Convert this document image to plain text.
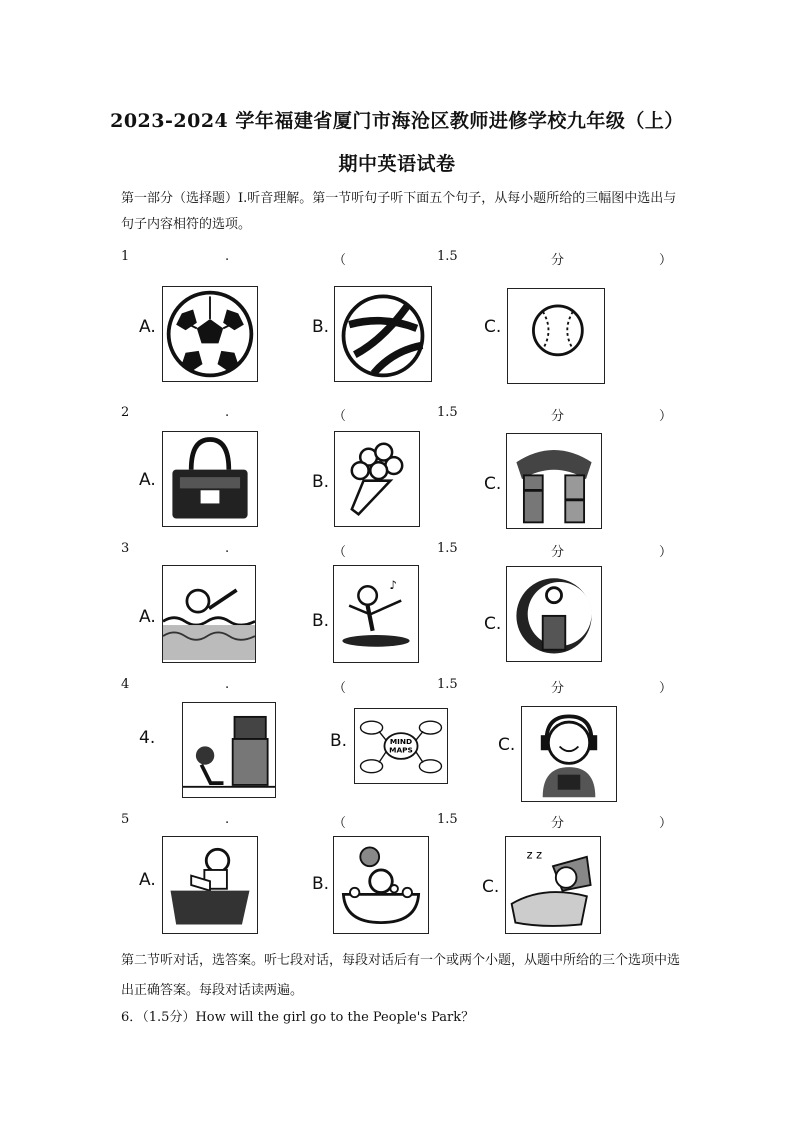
2023-2024 学年福建省厦门市海沧区教师进修学校九年级（上）
期中英语试卷
第一部分（选择题）I.听音理解。第一节听句子听下面五个句子，从每小题所给的三幅图中选出与句子内容相符的选项。
1	.	（	1.5	分	）
A.	B.	C.
2	.	（	1.5	分	）
A.	B.	C.
3	.	（	1.5	分	）
A.	B.
♪
C.
4	.	（	1.5	分	）
4.	B.	MIND
MAPS	C.
5	.	（	1.5	分	）
A.	B.	C.
z z
第二节听对话，选答案。听七段对话，每段对话后有一个或两个小题，从题中所给的三个选项中选出正确答案。每段对话读两遍。
6．（1.5分）How will the girl go to the People's Park？
